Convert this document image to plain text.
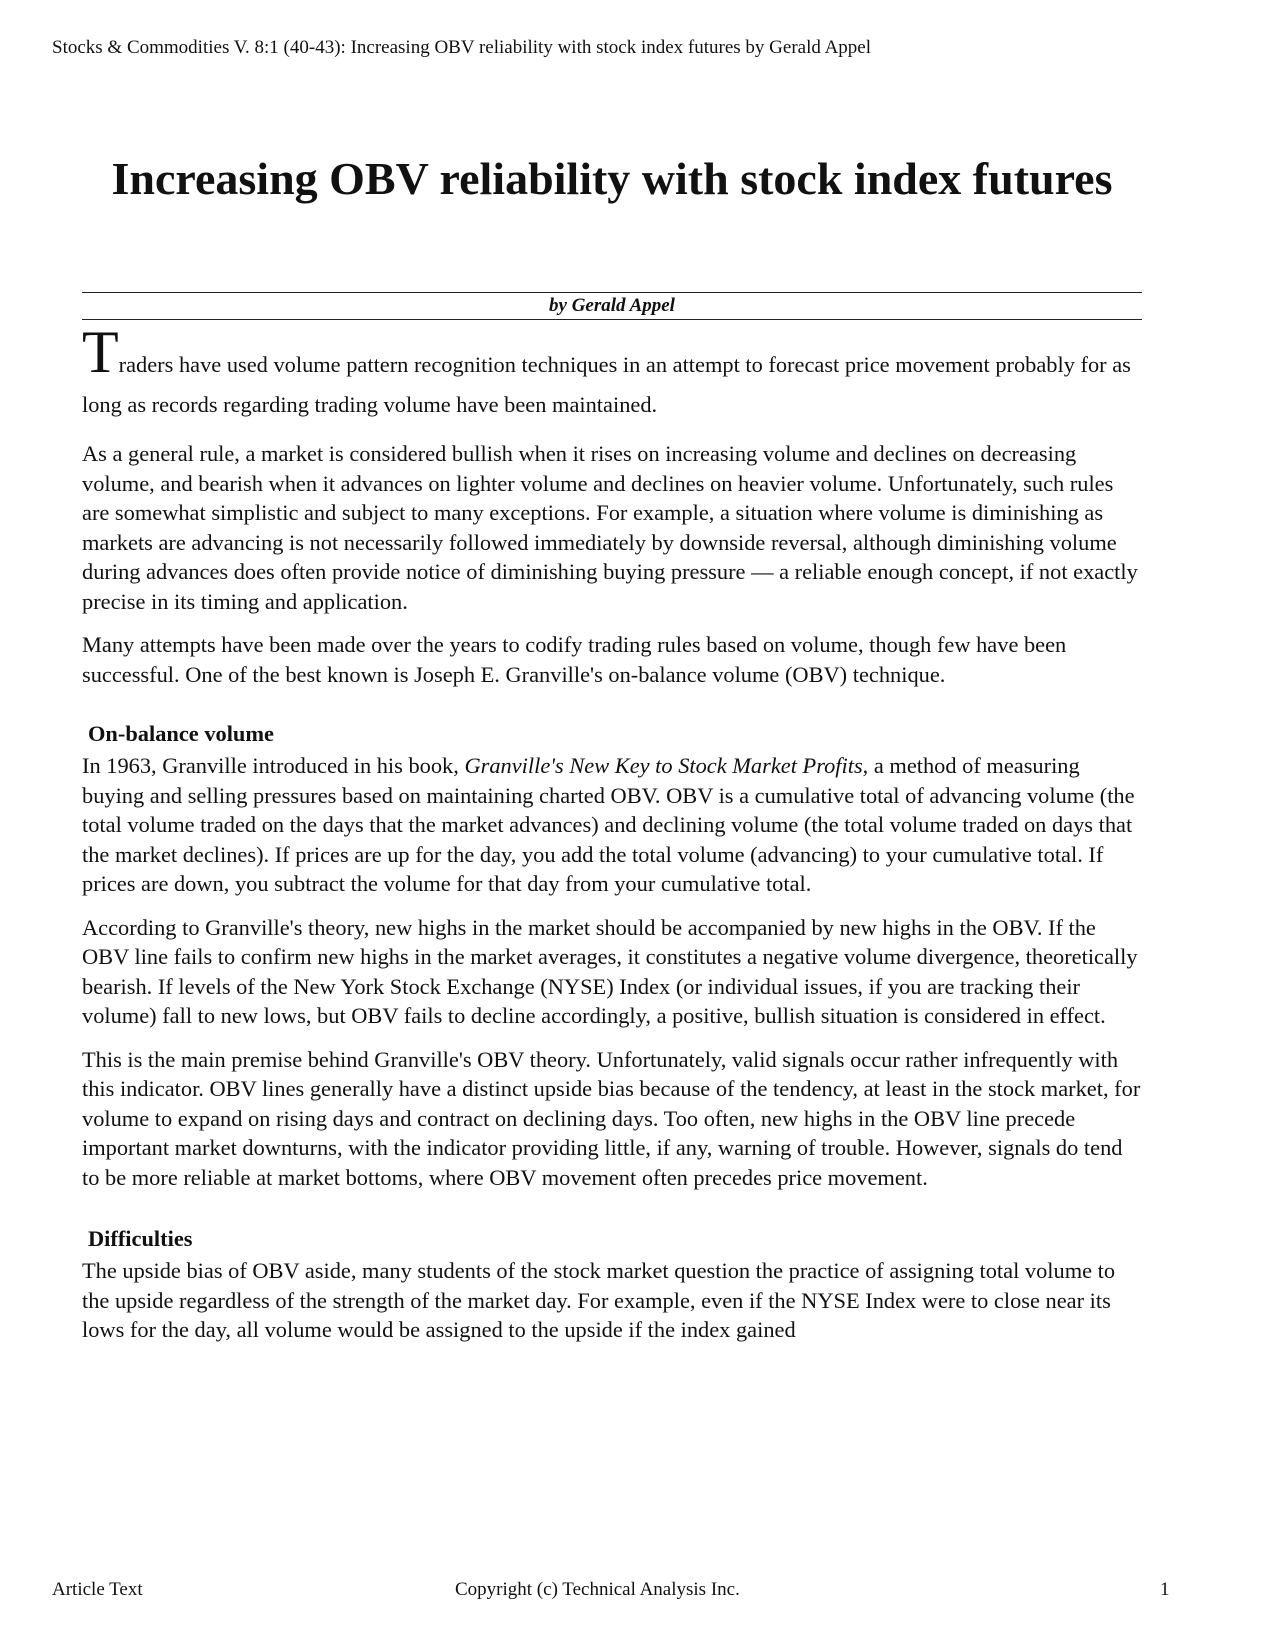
Stocks & Commodities V. 8:1 (40-43): Increasing OBV reliability with stock index futures by Gerald Appel
Increasing OBV reliability with stock index futures
by Gerald Appel

Traders have used volume pattern recognition techniques in an attempt to forecast price movement probably for as long as records regarding trading volume have been maintained.

As a general rule, a market is considered bullish when it rises on increasing volume and declines on decreasing volume, and bearish when it advances on lighter volume and declines on heavier volume. Unfortunately, such rules are somewhat simplistic and subject to many exceptions. For example, a situation where volume is diminishing as markets are advancing is not necessarily followed immediately by downside reversal, although diminishing volume during advances does often provide notice of diminishing buying pressure — a reliable enough concept, if not exactly precise in its timing and application.

Many attempts have been made over the years to codify trading rules based on volume, though few have been successful. One of the best known is Joseph E. Granville's on-balance volume (OBV) technique.

On-balance volume

In 1963, Granville introduced in his book, Granville's New Key to Stock Market Profits, a method of measuring buying and selling pressures based on maintaining charted OBV. OBV is a cumulative total of advancing volume (the total volume traded on the days that the market advances) and declining volume (the total volume traded on days that the market declines). If prices are up for the day, you add the total volume (advancing) to your cumulative total. If prices are down, you subtract the volume for that day from your cumulative total.

According to Granville's theory, new highs in the market should be accompanied by new highs in the OBV. If the OBV line fails to confirm new highs in the market averages, it constitutes a negative volume divergence, theoretically bearish. If levels of the New York Stock Exchange (NYSE) Index (or individual issues, if you are tracking their volume) fall to new lows, but OBV fails to decline accordingly, a positive, bullish situation is considered in effect.

This is the main premise behind Granville's OBV theory. Unfortunately, valid signals occur rather infrequently with this indicator. OBV lines generally have a distinct upside bias because of the tendency, at least in the stock market, for volume to expand on rising days and contract on declining days. Too often, new highs in the OBV line precede important market downturns, with the indicator providing little, if any, warning of trouble. However, signals do tend to be more reliable at market bottoms, where OBV movement often precedes price movement.

Difficulties

The upside bias of OBV aside, many students of the stock market question the practice of assigning total volume to the upside regardless of the strength of the market day. For example, even if the NYSE Index were to close near its lows for the day, all volume would be assigned to the upside if the index gained

Article Text	Copyright (c) Technical Analysis Inc.	1
